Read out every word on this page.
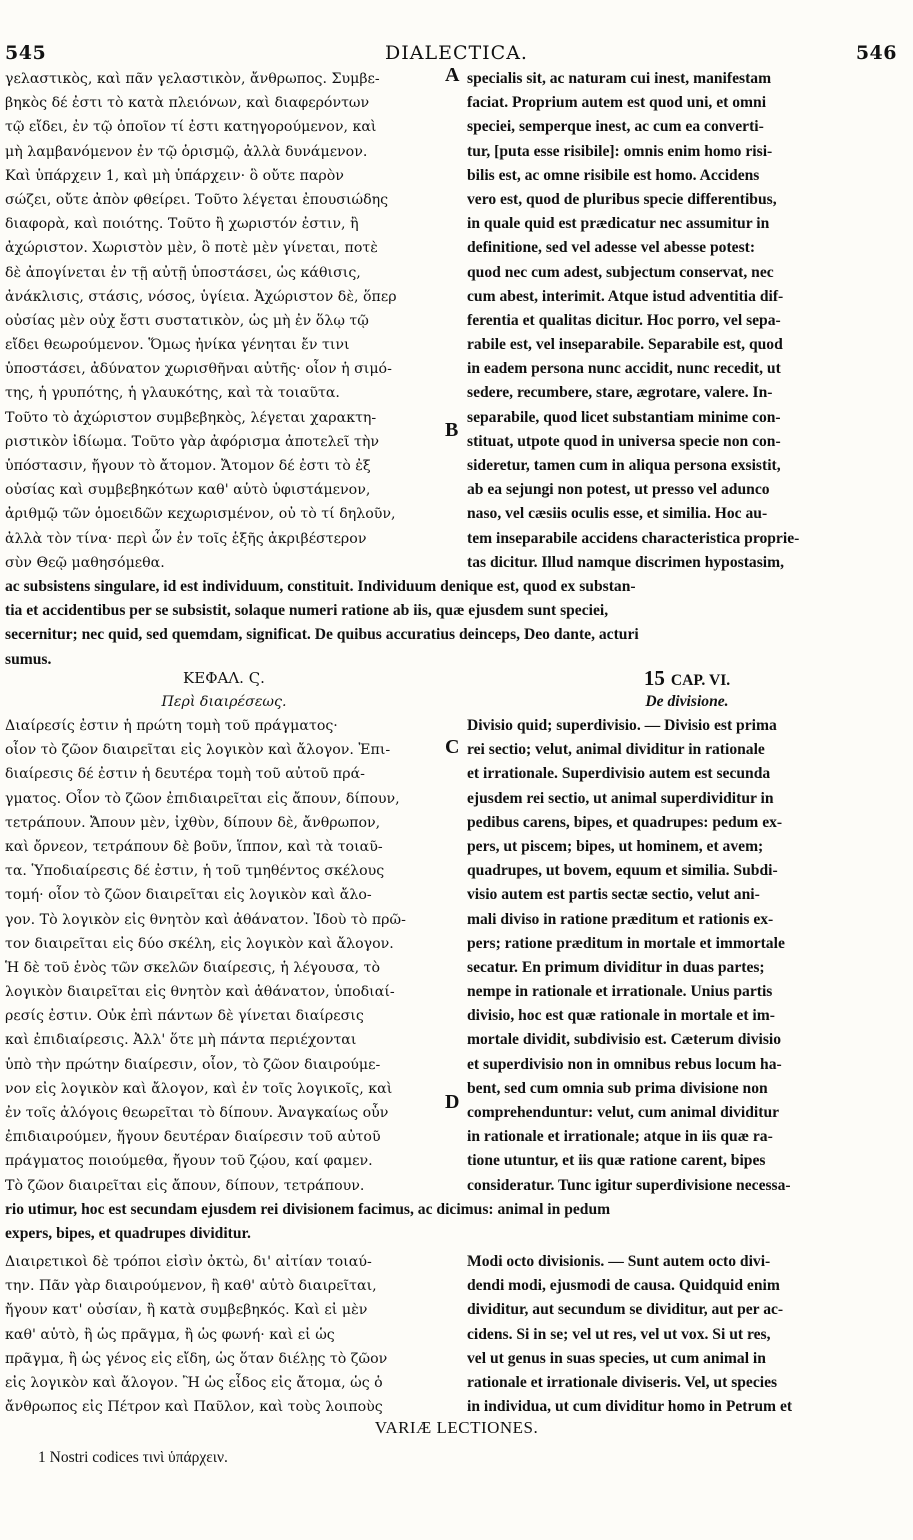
545	DIALECTICA.	546
γελαστικὸς, καὶ πᾶν γελαστικὸν, ἄνθρωπος. Συμβε-
βηκὸς δέ ἐστι τὸ κατὰ πλειόνων, καὶ διαφερόντων
τῷ εἴδει, ἐν τῷ ὁποῖον τί ἐστι κατηγορούμενον, καὶ
μὴ λαμβανόμενον ἐν τῷ ὁρισμῷ, ἀλλὰ δυνάμενον.
Καὶ ὑπάρχειν 1, καὶ μὴ ὑπάρχειν· ὃ οὔτε παρὸν
σώζει, οὔτε ἀπὸν φθείρει. Τοῦτο λέγεται ἐπουσιώδης
διαφορὰ, καὶ ποιότης. Τοῦτο ἢ χωριστόν ἐστιν, ἢ
ἀχώριστον. Χωριστὸν μὲν, ὃ ποτὲ μὲν γίνεται, ποτὲ
δὲ ἀπογίνεται ἐν τῇ αὐτῇ ὑποστάσει, ὡς κάθισις,
ἀνάκλισις, στάσις, νόσος, ὑγίεια. Ἀχώριστον δὲ, ὅπερ
οὐσίας μὲν οὐχ ἔστι συστατικὸν, ὡς μὴ ἐν ὅλῳ τῷ
εἴδει θεωρούμενον. Ὅμως ἠνίκα γένηται ἔν τινι
ὑποστάσει, ἀδύνατον χωρισθῆναι αὐτῆς· οἷον ἡ σιμό-
της, ἡ γρυπότης, ἡ γλαυκότης, καὶ τὰ τοιαῦτα.
Τοῦτο τὸ ἀχώριστον συμβεβηκὸς, λέγεται χαρακτη-
ριστικὸν ἰδίωμα. Τοῦτο γὰρ ἀφόρισμα ἀποτελεῖ τὴν
ὑπόστασιν, ἤγουν τὸ ἄτομον. Ἄτομον δέ ἐστι τὸ ἐξ
οὐσίας καὶ συμβεβηκότων καθ' αὑτὸ ὑφιστάμενον,
ἀριθμῷ τῶν ὁμοειδῶν κεχωρισμένον, οὐ τὸ τί δηλοῦν,
ἀλλὰ τὸν τίνα· περὶ ὧν ἐν τοῖς ἑξῆς ἀκριβέστερον
σὺν Θεῷ μαθησόμεθα.
specialis sit, ac naturam cui inest, manifestam
faciat. Proprium autem est quod uni, et omni
speciei, semperque inest, ac cum ea converti-
tur, [puta esse risibile]: omnis enim homo risi-
bilis est, ac omne risibile est homo. Accidens
vero est, quod de pluribus specie differentibus,
in quale quid est prædicatur nec assumitur in
definitione, sed vel adesse vel abesse potest:
quod nec cum adest, subjectum conservat, nec
cum abest, interimit. Atque istud adventitia dif-
ferentia et qualitas dicitur. Hoc porro, vel sepa-
rabile est, vel inseparabile. Separabile est, quod
in eadem persona nunc accidit, nunc recedit, ut
sedere, recumbere, stare, ægrotare, valere. In-
separabile, quod licet substantiam minime con-
stituat, utpote quod in universa specie non con-
sideretur, tamen cum in aliqua persona exsistit,
ab ea sejungi non potest, ut presso vel adunco
naso, vel cæsiis oculis esse, et similia. Hoc au-
tem inseparabile accidens characteristica proprie-
tas dicitur. Illud namque discrimen hypostasim,
ac subsistens singulare, id est individuum, constituit. Individuum denique est, quod ex substan-
tia et accidentibus per se subsistit, solaque numeri ratione ab iis, quæ ejusdem sunt speciei,
secernitur; nec quid, sed quemdam, significat. De quibus accuratius deinceps, Deo dante, acturi
sumus.
ΚΕΦΑΛ. Ϛ.
Περὶ διαιρέσεως.
15 CAP. VI.
De divisione.
Διαίρεσίς ἐστιν ἡ πρώτη τομὴ τοῦ πράγματος·
οἷον τὸ ζῶον διαιρεῖται εἰς λογικὸν καὶ ἄλογον. Ἐπι-
διαίρεσις δέ ἐστιν ἡ δευτέρα τομὴ τοῦ αὐτοῦ πρά-
γματος. Οἷον τὸ ζῶον ἐπιδιαιρεῖται εἰς ἄπουν, δίπουν,
τετράπουν. Ἄπουν μὲν, ἰχθὺν, δίπουν δὲ, ἄνθρωπον,
καὶ ὄρνεον, τετράπουν δὲ βοῦν, ἵππον, καὶ τὰ τοιαῦ-
τα. Ὑποδιαίρεσις δέ ἐστιν, ἡ τοῦ τμηθέντος σκέλους
τομή· οἷον τὸ ζῶον διαιρεῖται εἰς λογικὸν καὶ ἄλο-
γον. Τὸ λογικὸν εἰς θνητὸν καὶ ἀθάνατον. Ἰδοὺ τὸ πρῶ-
τον διαιρεῖται εἰς δύο σκέλη, εἰς λογικὸν καὶ ἄλογον.
Ἡ δὲ τοῦ ἑνὸς τῶν σκελῶν διαίρεσις, ἡ λέγουσα, τὸ
λογικὸν διαιρεῖται εἰς θνητὸν καὶ ἀθάνατον, ὑποδιαί-
ρεσίς ἐστιν. Οὐκ ἐπὶ πάντων δὲ γίνεται διαίρεσις
καὶ ἐπιδιαίρεσις. Ἀλλ' ὅτε μὴ πάντα περιέχονται
ὑπὸ τὴν πρώτην διαίρεσιν, οἷον, τὸ ζῶον διαιρούμε-
νον εἰς λογικὸν καὶ ἄλογον, καὶ ἐν τοῖς λογικοῖς, καὶ
ἐν τοῖς ἀλόγοις θεωρεῖται τὸ δίπουν. Ἀναγκαίως οὖν
ἐπιδιαιρούμεν, ἤγουν δευτέραν διαίρεσιν τοῦ αὐτοῦ
πράγματος ποιούμεθα, ἤγουν τοῦ ζῴου, καί φαμεν.
Τὸ ζῶον διαιρεῖται εἰς ἄπουν, δίπουν, τετράπουν.
Divisio quid; superdivisio. — Divisio est prima
rei sectio; velut, animal dividitur in rationale
et irrationale. Superdivisio autem est secunda
ejusdem rei sectio, ut animal superdividitur in
pedibus carens, bipes, et quadrupes: pedum ex-
pers, ut piscem; bipes, ut hominem, et avem;
quadrupes, ut bovem, equum et similia. Subdi-
visio autem est partis sectæ sectio, velut ani-
mali diviso in ratione præditum et rationis ex-
pers; ratione præditum in mortale et immortale
secatur. En primum dividitur in duas partes;
nempe in rationale et irrationale. Unius partis
divisio, hoc est quæ rationale in mortale et im-
mortale dividit, subdivisio est. Cæterum divisio
et superdivisio non in omnibus rebus locum ha-
bent, sed cum omnia sub prima divisione non
comprehenduntur: velut, cum animal dividitur
in rationale et irrationale; atque in iis quæ ra-
tione utuntur, et iis quæ ratione carent, bipes
consideratur. Tunc igitur superdivisione necessa-
rio utimur, hoc est secundam ejusdem rei divisionem facimus, ac dicimus: animal in pedum
expers, bipes, et quadrupes dividitur.
Διαιρετικοὶ δὲ τρόποι εἰσὶν ὀκτὼ, δι' αἰτίαν τοιαύ-
την. Πᾶν γὰρ διαιρούμενον, ἢ καθ' αὑτὸ διαιρεῖται,
ἤγουν κατ' οὐσίαν, ἢ κατὰ συμβεβηκός. Καὶ εἰ μὲν
καθ' αὑτὸ, ἢ ὡς πρᾶγμα, ἢ ὡς φωνή· καὶ εἰ ὡς
πρᾶγμα, ἢ ὡς γένος εἰς εἴδη, ὡς ὅταν διέλῃς τὸ ζῶον
εἰς λογικὸν καὶ ἄλογον. Ἢ ὡς εἶδος εἰς ἄτομα, ὡς ὁ
ἄνθρωπος εἰς Πέτρον καὶ Παῦλον, καὶ τοὺς λοιποὺς
Modi octo divisionis. — Sunt autem octo divi-
dendi modi, ejusmodi de causa. Quidquid enim
dividitur, aut secundum se dividitur, aut per ac-
cidens. Si in se; vel ut res, vel ut vox. Si ut res,
vel ut genus in suas species, ut cum animal in
rationale et irrationale diviseris. Vel, ut species
in individua, ut cum dividitur homo in Petrum et
A
B
C
D
VARIÆ LECTIONES.
1 Nostri codices τινὶ ὑπάρχειν.
